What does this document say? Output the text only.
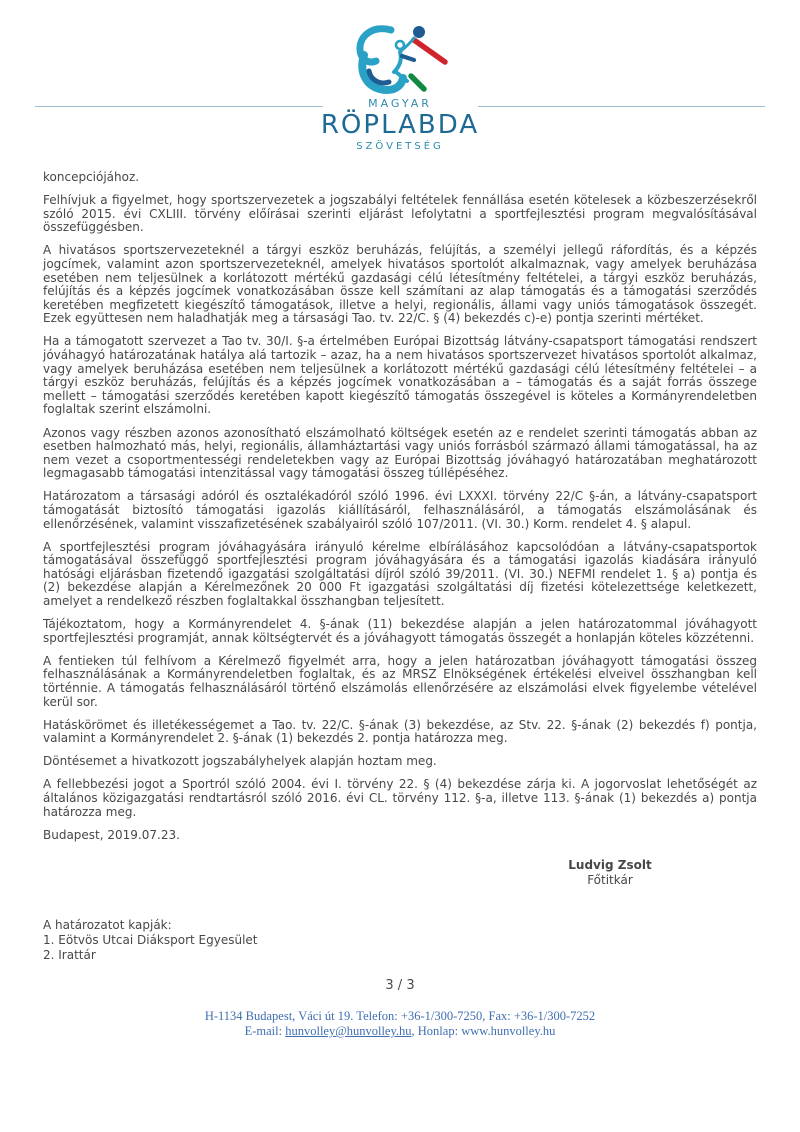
MAGYAR
RÖPLABDA
SZÖVETSÉG

koncepciójához.

Felhívjuk a figyelmet, hogy sportszervezetek a jogszabályi feltételek fennállása esetén kötelesek a közbeszerzésekről szóló 2015. évi CXLIII. törvény előírásai szerinti eljárást lefolytatni a sportfejlesztési program megvalósításával összefüggésben.

A hivatásos sportszervezeteknél a tárgyi eszköz beruházás, felújítás, a személyi jellegű ráfordítás, és a képzés jogcímek, valamint azon sportszervezeteknél, amelyek hivatásos sportolót alkalmaznak, vagy amelyek beruházása esetében nem teljesülnek a korlátozott mértékű gazdasági célú létesítmény feltételei, a tárgyi eszköz beruházás, felújítás és a képzés jogcímek vonatkozásában össze kell számítani az alap támogatás és a támogatási szerződés keretében megfizetett kiegészítő támogatások, illetve a helyi, regionális, állami vagy uniós támogatások összegét. Ezek együttesen nem haladhatják meg a társasági Tao. tv. 22/C. § (4) bekezdés c)-e) pontja szerinti mértéket.

Ha a támogatott szervezet a Tao tv. 30/I. §-a értelmében Európai Bizottság látvány-csapatsport támogatási rendszert jóváhagyó határozatának hatálya alá tartozik – azaz, ha a nem hivatásos sportszervezet hivatásos sportolót alkalmaz, vagy amelyek beruházása esetében nem teljesülnek a korlátozott mértékű gazdasági célú létesítmény feltételei – a tárgyi eszköz beruházás, felújítás és a képzés jogcímek vonatkozásában a – támogatás és a saját forrás összege mellett – támogatási szerződés keretében kapott kiegészítő támogatás összegével is köteles a Kormányrendeletben foglaltak szerint elszámolni.

Azonos vagy részben azonos azonosítható elszámolható költségek esetén az e rendelet szerinti támogatás abban az esetben halmozható más, helyi, regionális, államháztartási vagy uniós forrásból származó állami támogatással, ha az nem vezet a csoportmentességi rendeletekben vagy az Európai Bizottság jóváhagyó határozatában meghatározott legmagasabb támogatási intenzitással vagy támogatási összeg túllépéséhez.

Határozatom a társasági adóról és osztalékadóról szóló 1996. évi LXXXI. törvény 22/C §-án, a látvány-csapatsport támogatását biztosító támogatási igazolás kiállításáról, felhasználásáról, a támogatás elszámolásának és ellenőrzésének, valamint visszafizetésének szabályairól szóló 107/2011. (VI. 30.) Korm. rendelet 4. § alapul.

A sportfejlesztési program jóváhagyására irányuló kérelme elbírálásához kapcsolódóan a látvány-csapatsportok támogatásával összefüggő sportfejlesztési program jóváhagyására és a támogatási igazolás kiadására irányuló hatósági eljárásban fizetendő igazgatási szolgáltatási díjról szóló 39/2011. (VI. 30.) NEFMI rendelet 1. § a) pontja és (2) bekezdése alapján a Kérelmezőnek 20 000 Ft igazgatási szolgáltatási díj fizetési kötelezettsége keletkezett, amelyet a rendelkező részben foglaltakkal összhangban teljesített.

Tájékoztatom, hogy a Kormányrendelet 4. §-ának (11) bekezdése alapján a jelen határozatommal jóváhagyott sportfejlesztési programját, annak költségtervét és a jóváhagyott támogatás összegét a honlapján köteles közzétenni.

A fentieken túl felhívom a Kérelmező figyelmét arra, hogy a jelen határozatban jóváhagyott támogatási összeg felhasználásának a Kormányrendeletben foglaltak, és az MRSZ Elnökségének értékelési elveivel összhangban kell történnie. A támogatás felhasználásáról történő elszámolás ellenőrzésére az elszámolási elvek figyelembe vételével kerül sor.

Hatáskörömet és illetékességemet a Tao. tv. 22/C. §-ának (3) bekezdése, az Stv. 22. §-ának (2) bekezdés f) pontja, valamint a Kormányrendelet 2. §-ának (1) bekezdés 2. pontja határozza meg.

Döntésemet a hivatkozott jogszabályhelyek alapján hoztam meg.

A fellebbezési jogot a Sportról szóló 2004. évi I. törvény 22. § (4) bekezdése zárja ki. A jogorvoslat lehetőségét az általános közigazgatási rendtartásról szóló 2016. évi CL. törvény 112. §-a, illetve 113. §-ának (1) bekezdés a) pontja határozza meg.

Budapest, 2019.07.23.

Ludvig Zsolt
Főtitkár
A határozatot kapják:
1. Eötvös Utcai Diáksport Egyesület
2. Irattár
3 / 3
H-1134 Budapest, Váci út 19. Telefon: +36-1/300-7250, Fax: +36-1/300-7252
E-mail: hunvolley@hunvolley.hu, Honlap: www.hunvolley.hu
